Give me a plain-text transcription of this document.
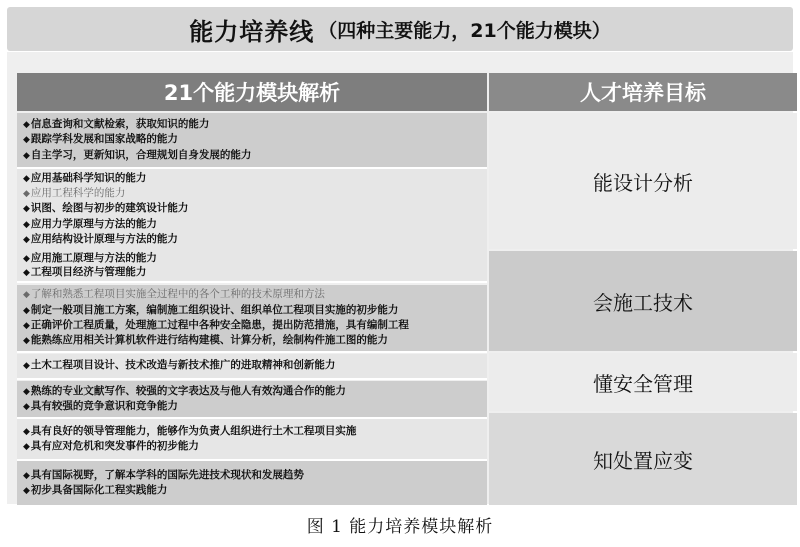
能力培养线 （四种主要能力，21个能力模块）
21个能力模块解析	人才培养目标
◆信息查询和文献检索，获取知识的能力
◆跟踪学科发展和国家战略的能力
◆自主学习，更新知识，合理规划自身发展的能力
◆应用基础科学知识的能力
◆应用工程科学的能力
◆识图、绘图与初步的建筑设计能力
◆应用力学原理与方法的能力
◆应用结构设计原理与方法的能力
◆应用施工原理与方法的能力
◆工程项目经济与管理能力
◆了解和熟悉工程项目实施全过程中的各个工种的技术原理和方法
◆制定一般项目施工方案，编制施工组织设计、组织单位工程项目实施的初步能力
◆正确评价工程质量，处理施工过程中各种安全隐患，提出防范措施，具有编制工程
◆能熟练应用相关计算机软件进行结构建模、计算分析，绘制构件施工图的能力
◆土木工程项目设计、技术改造与新技术推广的进取精神和创新能力
◆熟练的专业文献写作、较强的文字表达及与他人有效沟通合作的能力
◆具有较强的竞争意识和竞争能力
◆具有良好的领导管理能力，能够作为负责人组织进行土木工程项目实施
◆具有应对危机和突发事件的初步能力
◆具有国际视野，了解本学科的国际先进技术现状和发展趋势
◆初步具备国际化工程实践能力
能设计分析
会施工技术
懂安全管理
知处置应变
图 1 能力培养模块解析
